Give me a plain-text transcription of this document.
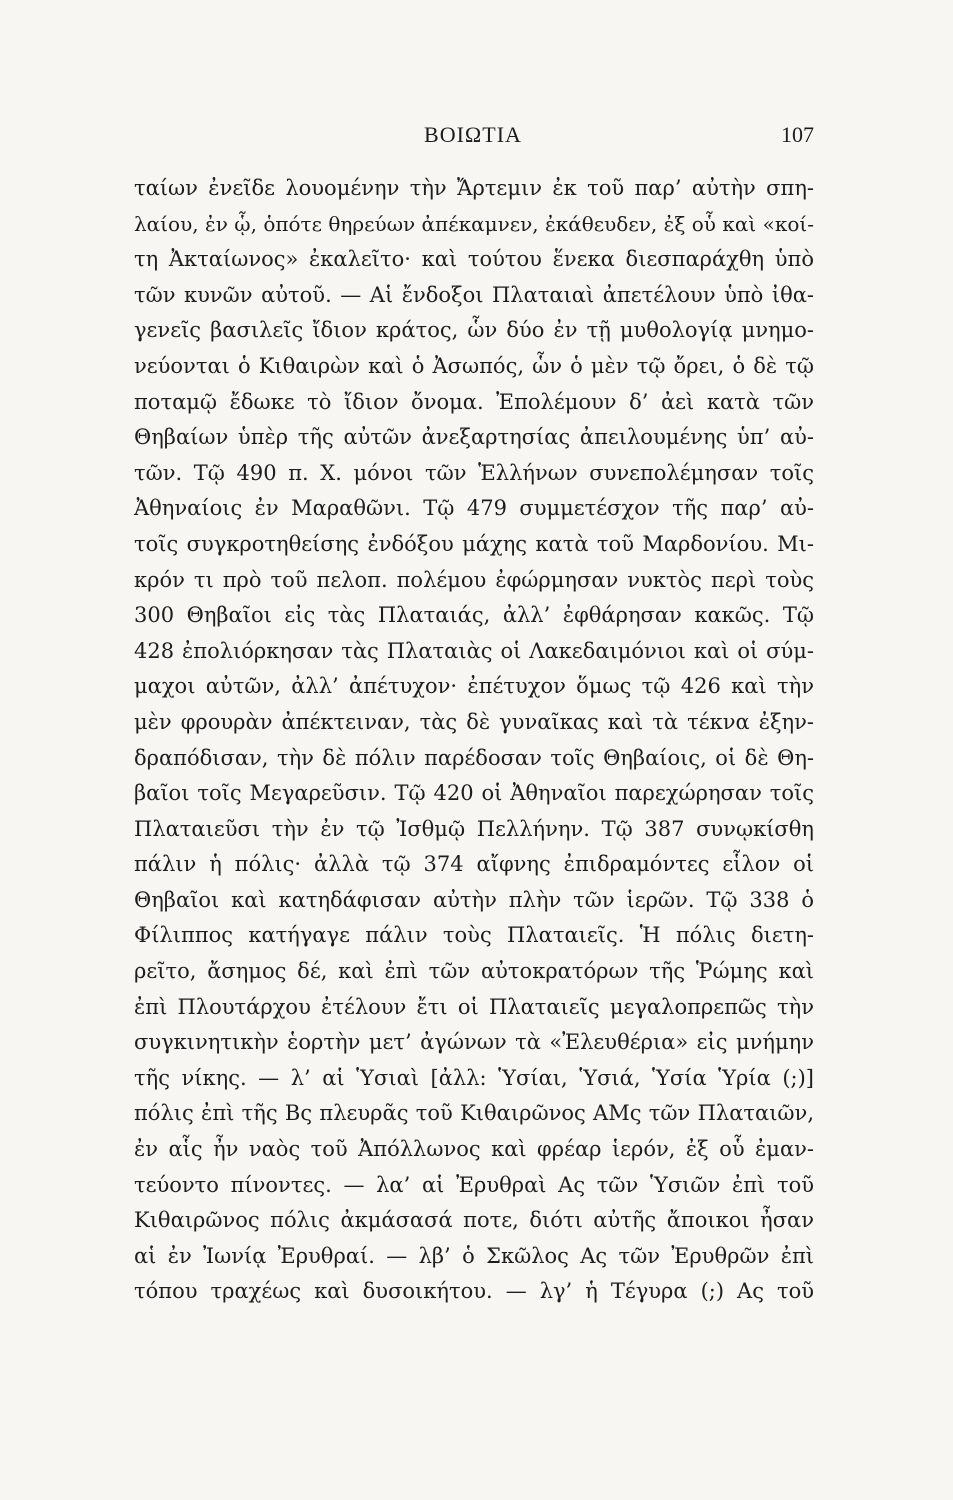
ΒΟΙΩΤΙΑ	107
ταίων ἐνεῖδε λουομένην τὴν Ἄρτεμιν ἐκ τοῦ παρ’ αὐτὴν σπη-
λαίου, ἐν ᾧ, ὁπότε θηρεύων ἀπέκαμνεν, ἐκάθευδεν, ἐξ οὗ καὶ «κοί-
τη Ἀκταίωνος» ἐκαλεῖτο· καὶ τούτου ἕνεκα διεσπαράχθη ὑπὸ
τῶν κυνῶν αὐτοῦ. — Αἱ ἔνδοξοι Πλαταιαὶ ἀπετέλουν ὑπὸ ἰθα-
γενεῖς βασιλεῖς ἴδιον κράτος, ὧν δύο ἐν τῇ μυθολογίᾳ μνημο-
νεύονται ὁ Κιθαιρὼν καὶ ὁ Ἀσωπός, ὧν ὁ μὲν τῷ ὄρει, ὁ δὲ τῷ
ποταμῷ ἔδωκε τὸ ἴδιον ὄνομα. Ἐπολέμουν δ’ ἀεὶ κατὰ τῶν
Θηβαίων ὑπὲρ τῆς αὐτῶν ἀνεξαρτησίας ἀπειλουμένης ὑπ’ αὐ-
τῶν. Τῷ 490 π. Χ. μόνοι τῶν Ἑλλήνων συνεπολέμησαν τοῖς
Ἀθηναίοις ἐν Μαραθῶνι. Τῷ 479 συμμετέσχον τῆς παρ’ αὐ-
τοῖς συγκροτηθείσης ἐνδόξου μάχης κατὰ τοῦ Μαρδονίου. Μι-
κρόν τι πρὸ τοῦ πελοπ. πολέμου ἐφώρμησαν νυκτὸς περὶ τοὺς
300 Θηβαῖοι εἰς τὰς Πλαταιάς, ἀλλ’ ἐφθάρησαν κακῶς. Τῷ
428 ἐπολιόρκησαν τὰς Πλαταιὰς οἱ Λακεδαιμόνιοι καὶ οἱ σύμ-
μαχοι αὐτῶν, ἀλλ’ ἀπέτυχον· ἐπέτυχον ὅμως τῷ 426 καὶ τὴν
μὲν φρουρὰν ἀπέκτειναν, τὰς δὲ γυναῖκας καὶ τὰ τέκνα ἐξην-
δραπόδισαν, τὴν δὲ πόλιν παρέδοσαν τοῖς Θηβαίοις, οἱ δὲ Θη-
βαῖοι τοῖς Μεγαρεῦσιν. Τῷ 420 οἱ Ἀθηναῖοι παρεχώρησαν τοῖς
Πλαταιεῦσι τὴν ἐν τῷ Ἰσθμῷ Πελλήνην. Τῷ 387 συνῳκίσθη
πάλιν ἡ πόλις· ἀλλὰ τῷ 374 αἴφνης ἐπιδραμόντες εἷλον οἱ
Θηβαῖοι καὶ κατηδάφισαν αὐτὴν πλὴν τῶν ἱερῶν. Τῷ 338 ὁ
Φίλιππος κατήγαγε πάλιν τοὺς Πλαταιεῖς. Ἡ πόλις διετη-
ρεῖτο, ἄσημος δέ, καὶ ἐπὶ τῶν αὐτοκρατόρων τῆς Ῥώμης καὶ
ἐπὶ Πλουτάρχου ἐτέλουν ἔτι οἱ Πλαταιεῖς μεγαλοπρεπῶς τὴν
συγκινητικὴν ἑορτὴν μετ’ ἀγώνων τὰ «Ἐλευθέρια» εἰς μνήμην
τῆς νίκης. — λ’ αἱ Ὑσιαὶ [ἀλλ: Ὑσίαι, Ὑσιά, Ὑσία Ὑρία (;)]
πόλις ἐπὶ τῆς Βς πλευρᾶς τοῦ Κιθαιρῶνος ΑΜς τῶν Πλαταιῶν,
ἐν αἷς ἦν ναὸς τοῦ Ἀπόλλωνος καὶ φρέαρ ἱερόν, ἐξ οὗ ἐμαν-
τεύοντο πίνοντες. — λα’ αἱ Ἐρυθραὶ Ας τῶν Ὑσιῶν ἐπὶ τοῦ
Κιθαιρῶνος πόλις ἀκμάσασά ποτε, διότι αὐτῆς ἄποικοι ἦσαν
αἱ ἐν Ἰωνίᾳ Ἐρυθραί. — λβ’ ὁ Σκῶλος Ας τῶν Ἐρυθρῶν ἐπὶ
τόπου τραχέως καὶ δυσοικήτου. — λγ’ ἡ Τέγυρα (;) Ας τοῦ
